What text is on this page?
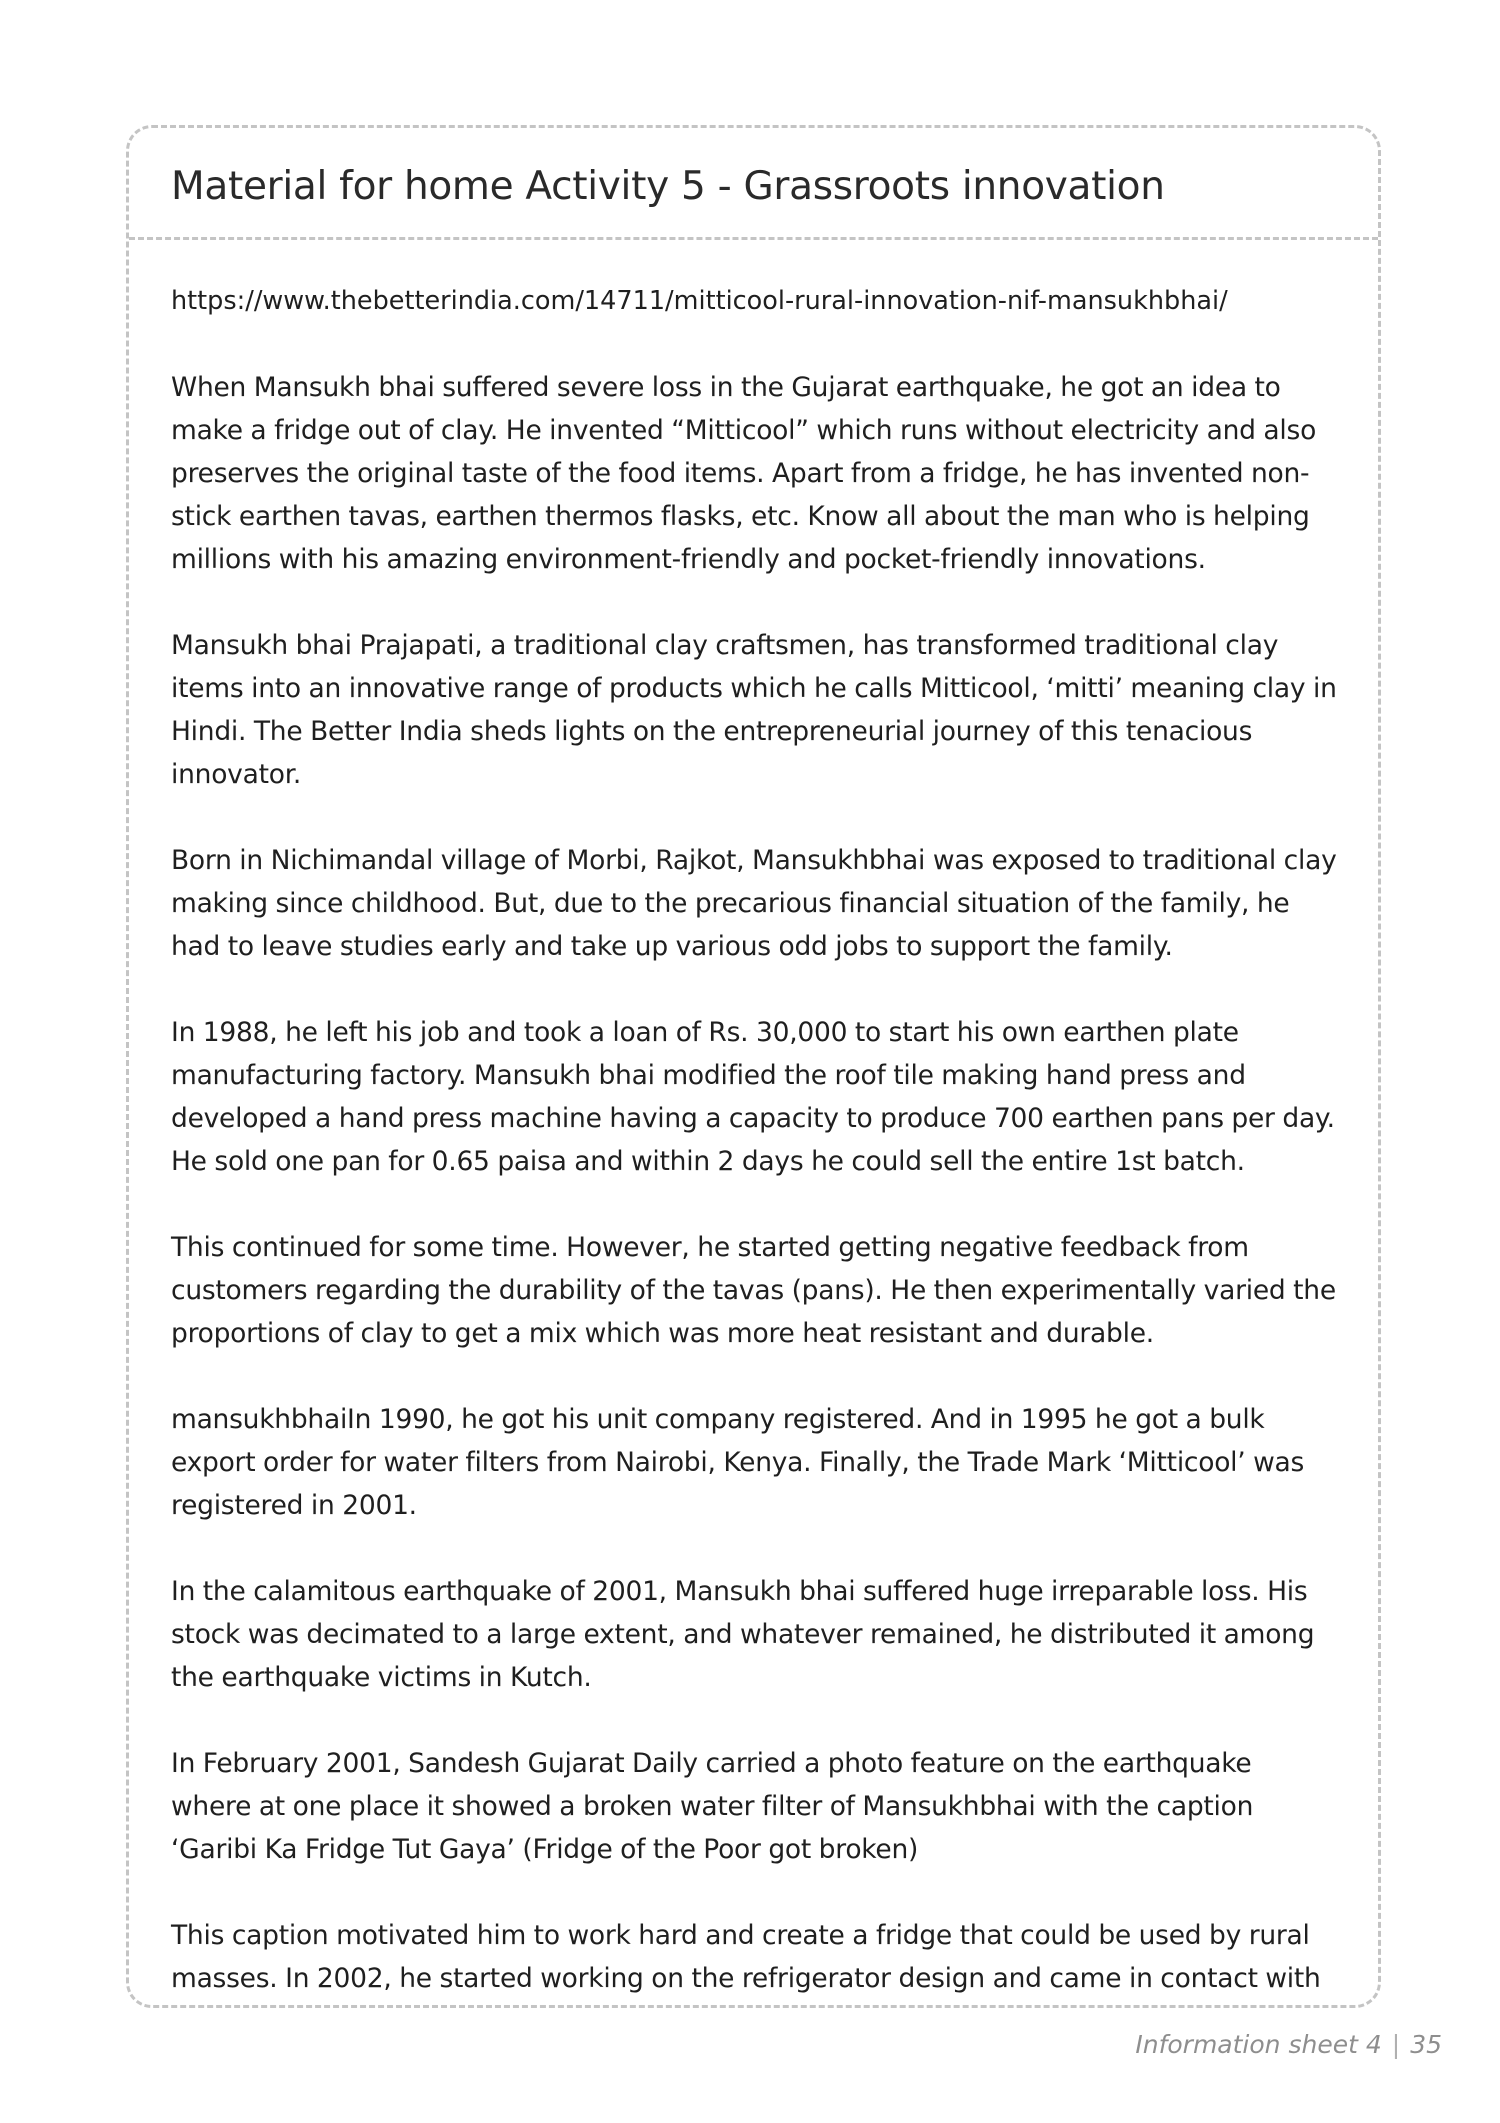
Material for home Activity 5 - Grassroots innovation
https://www.thebetterindia.com/14711/mitticool-rural-innovation-nif-mansukhbhai/

When Mansukh bhai suffered severe loss in the Gujarat earthquake, he got an idea to make a fridge out of clay. He invented “Mitticool” which runs without electricity and also preserves the original taste of the food items. Apart from a fridge, he has invented non-stick earthen tavas, earthen thermos flasks, etc. Know all about the man who is helping millions with his amazing environment-friendly and pocket-friendly innovations.

Mansukh bhai Prajapati, a traditional clay craftsmen, has transformed traditional clay items into an innovative range of products which he calls Mitticool, ‘mitti’ meaning clay in Hindi. The Better India sheds lights on the entrepreneurial journey of this tenacious innovator.

Born in Nichimandal village of Morbi, Rajkot, Mansukhbhai was exposed to traditional clay making since childhood. But, due to the precarious financial situation of the family, he had to leave studies early and take up various odd jobs to support the family.

In 1988, he left his job and took a loan of Rs. 30,000 to start his own earthen plate manufacturing factory. Mansukh bhai modified the roof tile making hand press and developed a hand press machine having a capacity to produce 700 earthen pans per day. He sold one pan for 0.65 paisa and within 2 days he could sell the entire 1st batch.

This continued for some time. However, he started getting negative feedback from customers regarding the durability of the tavas (pans). He then experimentally varied the proportions of clay to get a mix which was more heat resistant and durable.

mansukhbhaiIn 1990, he got his unit company registered. And in 1995 he got a bulk export order for water filters from Nairobi, Kenya. Finally, the Trade Mark ‘Mitticool’ was registered in 2001.

In the calamitous earthquake of 2001, Mansukh bhai suffered huge irreparable loss. His stock was decimated to a large extent, and whatever remained, he distributed it among the earthquake victims in Kutch.

In February 2001, Sandesh Gujarat Daily carried a photo feature on the earthquake where at one place it showed a broken water filter of Mansukhbhai with the caption ‘Garibi Ka Fridge Tut Gaya’ (Fridge of the Poor got broken)

This caption motivated him to work hard and create a fridge that could be used by rural masses. In 2002, he started working on the refrigerator design and came in contact with

Information sheet 4 | 35
